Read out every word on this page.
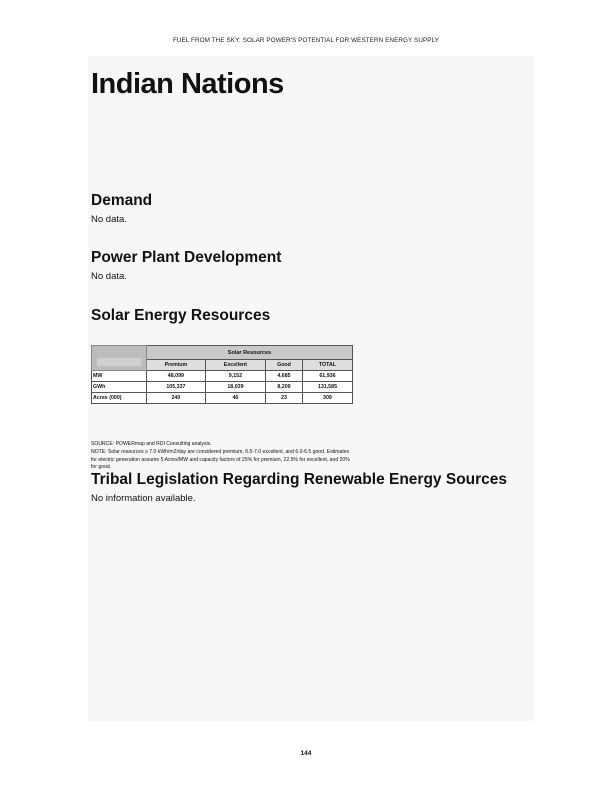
FUEL FROM THE SKY: SOLAR POWER'S POTENTIAL FOR WESTERN ENERGY SUPPLY
Indian Nations
Demand

No data.

Power Plant Development

No data.

Solar Energy Resources
	Solar Resources			
	Premium	Excellent	Good	TOTAL
MW	48,099	9,152	4,685	61,936
GWh	105,337	18,039	8,209	131,585
Acres (000)	240	46	23	309

SOURCE: POWERmap and RDI Consulting analysis.

NOTE: Solar resources ≥ 7.0 kWh/m2/day are considered premium, 6.5-7.0 excellent, and 6.0-6.5 good. Estimates for electric generation assume 5 Acres/MW and capacity factors of 25% for premium, 22.5% for excellent, and 20% for good.

Tribal Legislation Regarding Renewable Energy Sources

No information available.

144
